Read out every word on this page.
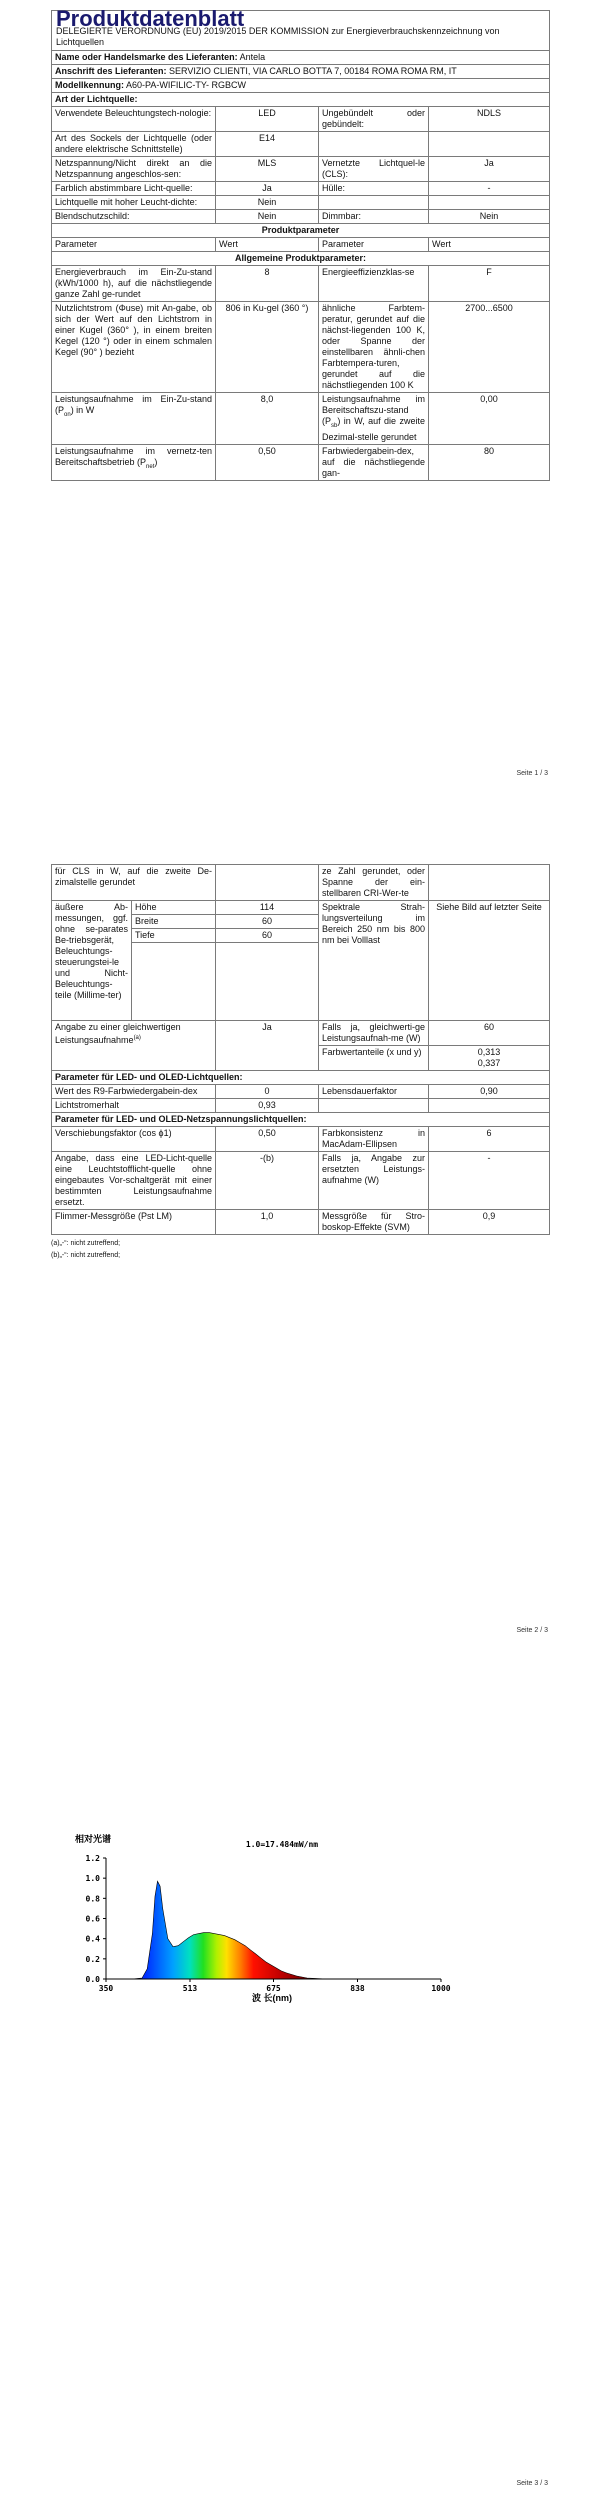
Produktdatenblatt
DELEGIERTE VERORDNUNG (EU) 2019/2015 DER KOMMISSION zur Energieverbrauchskennzeichnung von Lichtquellen			

Name oder Handelsmarke des Lieferanten: Antela			
Anschrift des Lieferanten: SERVIZIO CLIENTI, VIA CARLO BOTTA 7, 00184 ROMA ROMA RM, IT			
Modellkennung: A60-PA-WIFILIC-TY- RGBCW			
Art der Lichtquelle:			
Verwendete Beleuchtungstech-nologie:	LED	Ungebündelt oder gebündelt:	NDLS
Art des Sockels der Lichtquelle (oder andere elektrische Schnittstelle)	E14		
Netzspannung/Nicht direkt an die Netzspannung angeschlos-sen:	MLS	Vernetzte Lichtquel-le (CLS):	Ja
Farblich abstimmbare Licht-quelle:	Ja	Hülle:	-
Lichtquelle mit hoher Leucht-dichte:	Nein		
Blendschutzschild:	Nein	Dimmbar:	Nein
Produktparameter			
Parameter	Wert	Parameter	Wert
Allgemeine Produktparameter:			
Energieverbrauch im Ein-Zu-stand (kWh/1000 h), auf die nächstliegende ganze Zahl ge-rundet	8	Energieeffizienzklas-se	F
Nutzlichtstrom (Φuse) mit An-gabe, ob sich der Wert auf den Lichtstrom in einer Kugel (360° ), in einem breiten Kegel (120 °) oder in einem schmalen Kegel (90° ) bezieht	806 in Ku-gel (360 °)	ähnliche Farbtem-peratur, gerundet auf die nächst-liegenden 100 K, oder Spanne der einstellbaren ähnli-chen Farbtempera-turen, gerundet auf die nächstliegenden 100 K	2700...6500
Leistungsaufnahme im Ein-Zu-stand $(P_{on})$ in W	8,0	Leistungsaufnahme im Bereitschaftszu-stand $(P_{sb})$ in W, auf die zweite Dezimal-stelle gerundet	0,00
Leistungsaufnahme im vernetz-ten Bereitschaftsbetrieb $(P_{net})$	0,50	Farbwiedergabein-dex, auf die nächstliegende gan-	80
Seite 1 / 3
für CLS in W, auf die zweite De-zimalstelle gerundet			ze Zahl gerundet, oder Spanne der ein-stellbaren CRI-Wer-te	
äußere Ab-messungen, ggf. ohne se-parates Be-triebsgerät, Beleuchtungs-steuerungstei-le und Nicht-Beleuchtungs-teile (Millime-ter)	Höhe	114	Spektrale Strah-lungsverteilung im Bereich 250 nm bis 800 nm bei Volllast	Siehe Bild auf letzter Seite
	Breite	60		
	Tiefe	60		

Angabe zu einer gleichwertigen Leistungsaufnahme$^{(a)}$		Ja	Falls ja, gleichwerti-ge Leistungsaufnah-me (W)	60
			Farbwertanteile (x und y)	0,313
0,337

Parameter für LED- und OLED-Lichtquellen:				
Wert des R9-Farbwiedergabein-dex		0	Lebensdauerfaktor	0,90
Lichtstromerhalt		0,93		
Parameter für LED- und OLED-Netzspannungslichtquellen:				
Verschiebungsfaktor (cos ϕ1)		0,50	Farbkonsistenz in MacAdam-Ellipsen	6
Angabe, dass eine LED-Licht-quelle eine Leuchtstofflicht-quelle ohne eingebautes Vor-schaltgerät mit einer bestimmten Leistungsaufnahme ersetzt.		-(b)	Falls ja, Angabe zur ersetzten Leistungs-aufnahme (W)	-
Flimmer-Messgröße (Pst LM)		1,0	Messgröße für Stro-boskop-Effekte (SVM)	0,9
(a)„-“: nicht zutreffend;
(b)„-“: nicht zutreffend;
Seite 2 / 3
相对光谱
1.0=17.484mW/nm
0.0
0.2
0.4
0.6
0.8
1.0
1.2
350	513	675	838	1000
波 长(nm)
Seite 3 / 3
